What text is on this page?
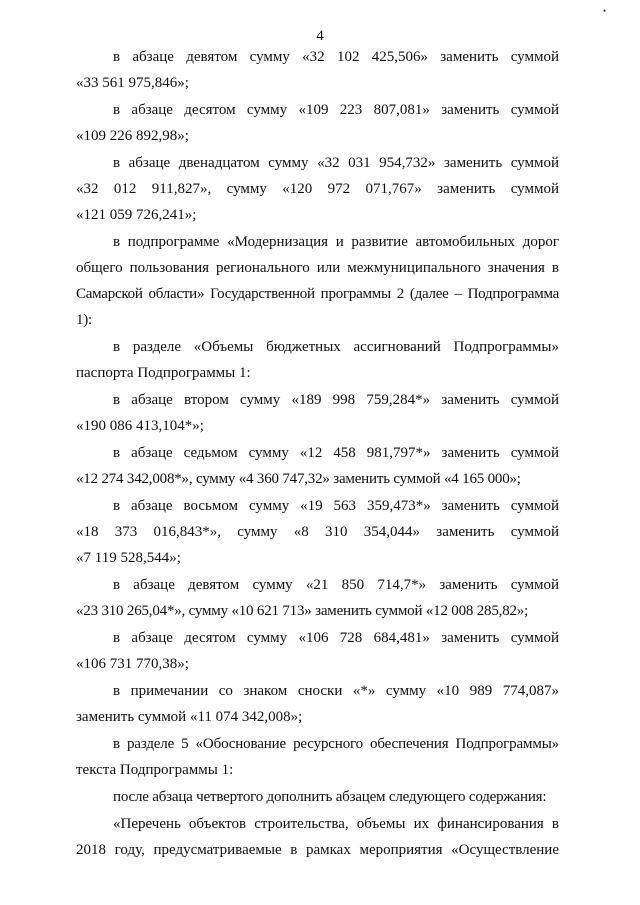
4
•

в абзаце девятом сумму «32 102 425,506» заменить суммой
«33 561 975,846»;

в абзаце десятом сумму «109 223 807,081» заменить суммой
«109 226 892,98»;

в абзаце двенадцатом сумму «32 031 954,732» заменить суммой
«32 012 911,827», сумму «120 972 071,767» заменить суммой
«121 059 726,241»;

в подпрограмме «Модернизация и развитие автомобильных дорог
общего пользования регионального или межмуниципального значения в
Самарской области» Государственной программы 2 (далее – Подпрограмма 1):

в разделе «Объемы бюджетных ассигнований Подпрограммы»
паспорта Подпрограммы 1:

в абзаце втором сумму «189 998 759,284*» заменить суммой
«190 086 413,104*»;

в абзаце седьмом сумму «12 458 981,797*» заменить суммой
«12 274 342,008*», сумму «4 360 747,32» заменить суммой «4 165 000»;

в абзаце восьмом сумму «19 563 359,473*» заменить суммой
«18 373 016,843*», сумму «8 310 354,044» заменить суммой
«7 119 528,544»;

в абзаце девятом сумму «21 850 714,7*» заменить суммой
«23 310 265,04*», сумму «10 621 713» заменить суммой «12 008 285,82»;

в абзаце десятом сумму «106 728 684,481» заменить суммой
«106 731 770,38»;

в примечании со знаком сноски «*» сумму «10 989 774,087»
заменить суммой «11 074 342,008»;

в разделе 5 «Обоснование ресурсного обеспечения Подпрограммы»
текста Подпрограммы 1:

после абзаца четвертого дополнить абзацем следующего содержания:

«Перечень объектов строительства, объемы их финансирования в
2018 году, предусматриваемые в рамках мероприятия «Осуществление
